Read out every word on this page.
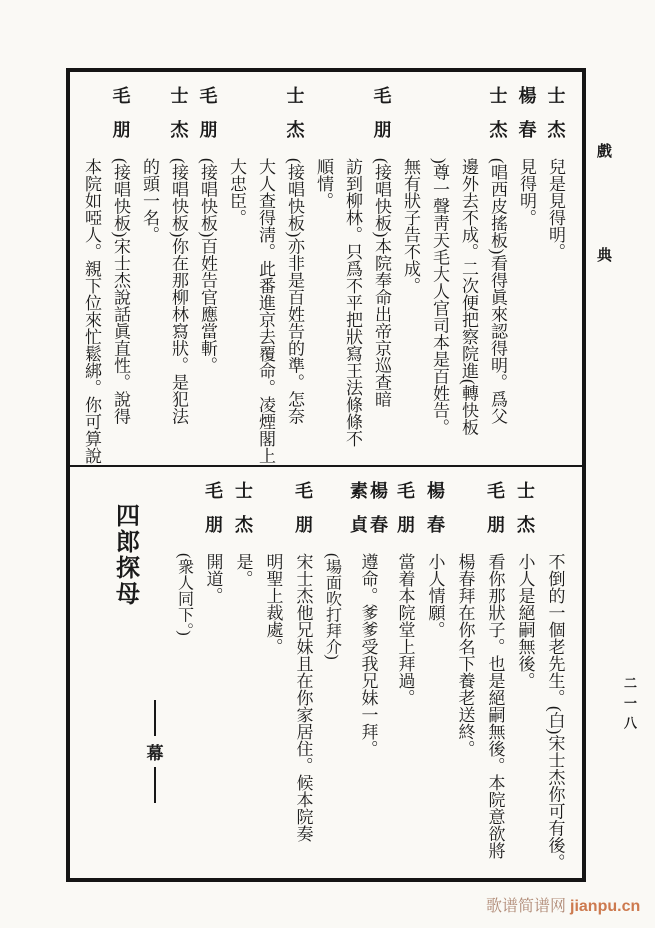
士杰
兒是見得明。
楊春
見得明。
士杰
(唱西皮搖板)看得眞來認得明。爲父
邊外去不成。二次便把察院進(轉快板
)尊一聲靑天毛大人官司本是百姓告。
無有狀子告不成。
毛朋
(接唱快板)本院奉命出帝京巡查暗
訪到柳林。只爲不平把狀寫王法條條不
順情。
士杰
(接唱快板)亦非是百姓告的準。怎奈
大人查得淸。此番進京去覆命。凌煙閣上
大忠臣。
毛朋
(接唱快板)百姓告官應當斬。
士杰
(接唱快板)你在那柳林寫狀。是犯法
的頭一名。
毛朋
(接唱快板)宋士杰說話眞直性。說得
本院如啞人。親下位來忙鬆綁。你可算說
不倒的一個老先生。(白)宋士杰你可有後。
士杰
小人是絕嗣無後。
毛朋
看你那狀子。也是絕嗣無後。本院意欲將
楊春拜在你名下養老送終。
楊春
小人情願。
毛朋
當着本院堂上拜過。
楊春
素貞
遵命。爹爹受我兄妹一拜。
(場面吹打拜介)
毛朋
宋士杰他兄妹且在你家居住。候本院奏
明聖上裁處。
士杰
是。
毛朋
開道。
(衆人同下。)
幕
四郎探母
戲
典
二一八
歌谱简谱网 jianpu.cn
